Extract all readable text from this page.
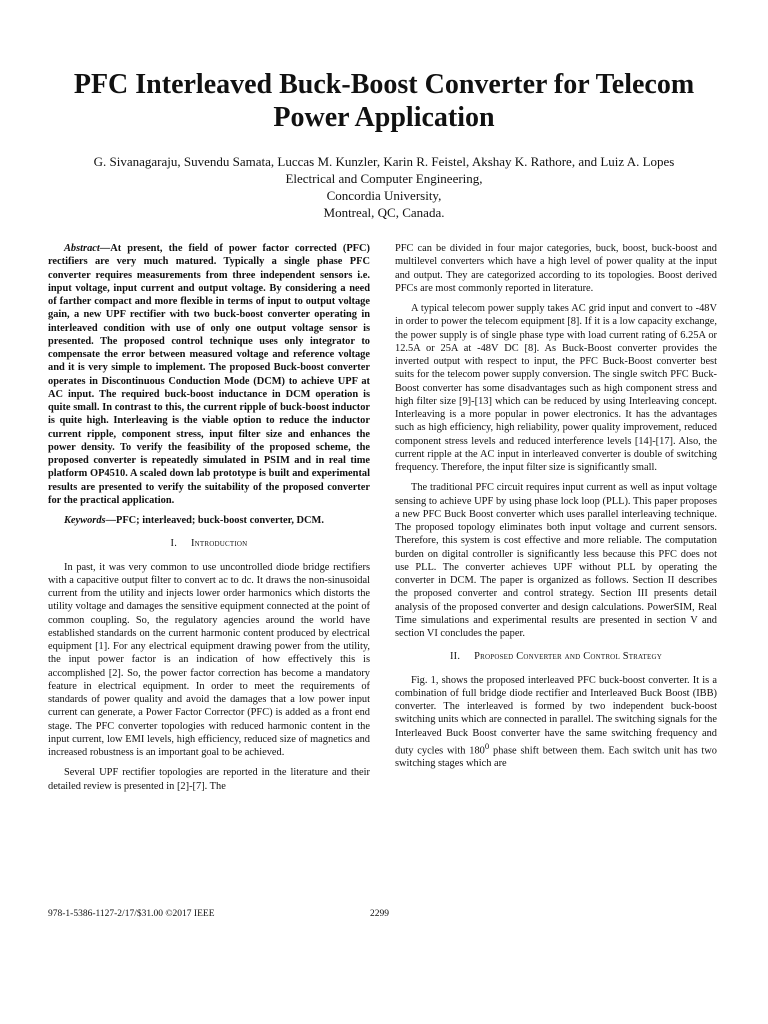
PFC Interleaved Buck-Boost Converter for Telecom Power Application
G. Sivanagaraju, Suvendu Samata, Luccas M. Kunzler, Karin R. Feistel, Akshay K. Rathore, and Luiz A. Lopes
Electrical and Computer Engineering,
Concordia University,
Montreal, QC, Canada.

Abstract—At present, the field of power factor corrected (PFC) rectifiers are very much matured. Typically a single phase PFC converter requires measurements from three independent sensors i.e. input voltage, input current and output voltage. By considering a need of farther compact and more flexible in terms of input to output voltage gain, a new UPF rectifier with two buck-boost converter operating in interleaved condition with use of only one output voltage sensor is presented. The proposed control technique uses only integrator to compensate the error between measured voltage and reference voltage and it is very simple to implement. The proposed Buck-boost converter operates in Discontinuous Conduction Mode (DCM) to achieve UPF at AC input. The required buck-boost inductance in DCM operation is quite small. In contrast to this, the current ripple of buck-boost inductor is quite high. Interleaving is the viable option to reduce the inductor current ripple, component stress, input filter size and enhances the power density. To verify the feasibility of the proposed scheme, the proposed converter is repeatedly simulated in PSIM and in real time platform OP4510. A scaled down lab prototype is built and experimental results are presented to verify the suitability of the proposed converter for the practical application.

Keywords—PFC; interleaved; buck-boost converter, DCM.

I. Introduction

In past, it was very common to use uncontrolled diode bridge rectifiers with a capacitive output filter to convert ac to dc. It draws the non-sinusoidal current from the utility and injects lower order harmonics which distorts the utility voltage and damages the sensitive equipment connected at the point of common coupling. So, the regulatory agencies around the world have established standards on the current harmonic content produced by electrical equipment [1]. For any electrical equipment drawing power from the utility, the input power factor is an indication of how effectively this is accomplished [2]. So, the power factor correction has become a mandatory feature in electrical equipment. In order to meet the requirements of standards of power quality and avoid the damages that a low power input current can generate, a Power Factor Corrector (PFC) is added as a front end stage. The PFC converter topologies with reduced harmonic content in the input current, low EMI levels, high efficiency, reduced size of magnetics and increased robustness is an important goal to be achieved.

Several UPF rectifier topologies are reported in the literature and their detailed review is presented in [2]-[7]. The

PFC can be divided in four major categories, buck, boost, buck-boost and multilevel converters which have a high level of power quality at the input and output. They are categorized according to its topologies. Boost derived PFCs are most commonly reported in literature.

A typical telecom power supply takes AC grid input and convert to -48V in order to power the telecom equipment [8]. If it is a low capacity exchange, the power supply is of single phase type with load current rating of 6.25A or 12.5A or 25A at -48V DC [8]. As Buck-Boost converter provides the inverted output with respect to input, the PFC Buck-Boost converter best suits for the telecom power supply conversion. The single switch PFC Buck-Boost converter has some disadvantages such as high component stress and high filter size [9]-[13] which can be reduced by using Interleaving concept. Interleaving is a more popular in power electronics. It has the advantages such as high efficiency, high reliability, power quality improvement, reduced component stress levels and reduced interference levels [14]-[17]. Also, the current ripple at the AC input in interleaved converter is double of switching frequency. Therefore, the input filter size is significantly small.

The traditional PFC circuit requires input current as well as input voltage sensing to achieve UPF by using phase lock loop (PLL). This paper proposes a new PFC Buck Boost converter which uses parallel interleaving technique. The proposed topology eliminates both input voltage and current sensors. Therefore, this system is cost effective and more reliable. The computation burden on digital controller is significantly less because this PFC does not use PLL. The converter achieves UPF without PLL by operating the converter in DCM. The paper is organized as follows. Section II describes the proposed converter and control strategy. Section III presents detail analysis of the proposed converter and design calculations. PowerSIM, Real Time simulations and experimental results are presented in section V and section VI concludes the paper.

II. Proposed Converter and Control Strategy

Fig. 1, shows the proposed interleaved PFC buck-boost converter. It is a combination of full bridge diode rectifier and Interleaved Buck Boost (IBB) converter. The interleaved is formed by two independent buck-boost switching units which are connected in parallel. The switching signals for the Interleaved Buck Boost converter have the same switching frequency and duty cycles with $180^0$ phase shift between them. Each switch unit has two switching stages which are

978-1-5386-1127-2/17/$31.00 ©2017 IEEE	2299
